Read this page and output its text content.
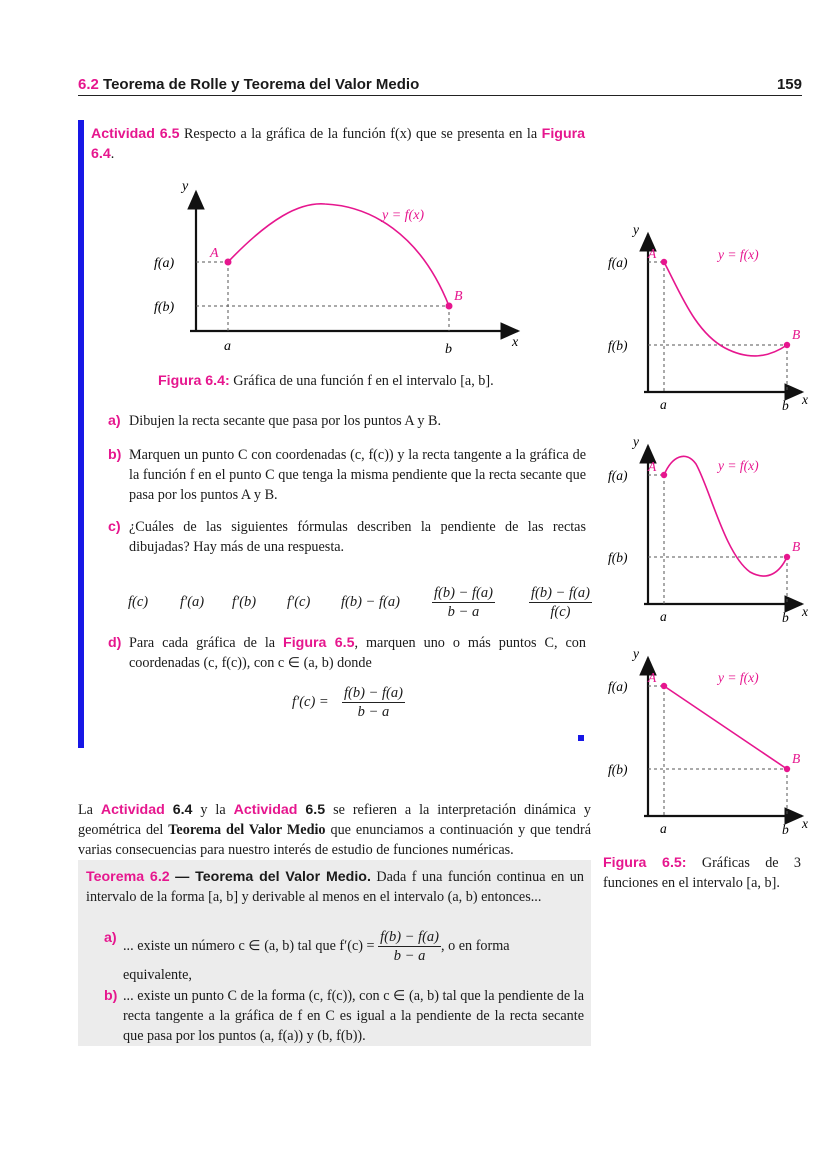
6.2 Teorema de Rolle y Teorema del Valor Medio	159
Actividad 6.5 Respecto a la gráfica de la función f(x) que se presenta en la Figura 6.4.
y
x
f(a)
f(b)
a	b
A
B
y = f(x)
Figura 6.4: Gráfica de una función f en el intervalo [a, b].
a) Dibujen la recta secante que pasa por los puntos A y B.
b) Marquen un punto C con coordenadas (c, f(c)) y la recta tangente a la gráfica de la función f en el punto C que tenga la misma pendiente que la recta secante que pasa por los puntos A y B.
c) ¿Cuáles de las siguientes fórmulas describen la pendiente de las rectas dibujadas? Hay más de una respuesta.
f(c) f′(a) f′(b) f′(c) $f(b) - f(a) \frac{f(b) - f(a)}{b - a} \frac{f(b) - f(a)}{f(c)}$
d) Para cada gráfica de la Figura 6.5, marquen uno o más puntos C, con coordenadas (c, f(c)), con c ∈ (a, b) donde
$f'(c) = \frac{f(b) - f(a)}{b - a}$
y
x
f(a)
f(b)
a	b
A
B
y = f(x)
y
x
f(a)
f(b)
a	b
A
B
y = f(x)
y
x
f(a)
f(b)
a	b
A
B
y = f(x)
Figura 6.5: Gráficas de 3 funciones en el intervalo [a, b].
La Actividad 6.4 y la Actividad 6.5 se refieren a la interpretación dinámica y geométrica del Teorema del Valor Medio que enunciamos a continuación y que tendrá varias consecuencias para nuestro interés de estudio de funciones numéricas.
Teorema 6.2 — Teorema del Valor Medio. Dada f una función continua en un intervalo de la forma [a, b] y derivable al menos en el intervalo (a, b) entonces...
a) ... existe un número c ∈ (a, b) tal que $f'(c) = \frac{f(b) - f(a)}{b - a}$ , o en forma
equivalente,
b) ... existe un punto C de la forma (c, f(c)), con c ∈ (a, b) tal que la pendiente de la recta tangente a la gráfica de f en C es igual a la pendiente de la recta secante que pasa por los puntos (a, f(a)) y (b, f(b)).
